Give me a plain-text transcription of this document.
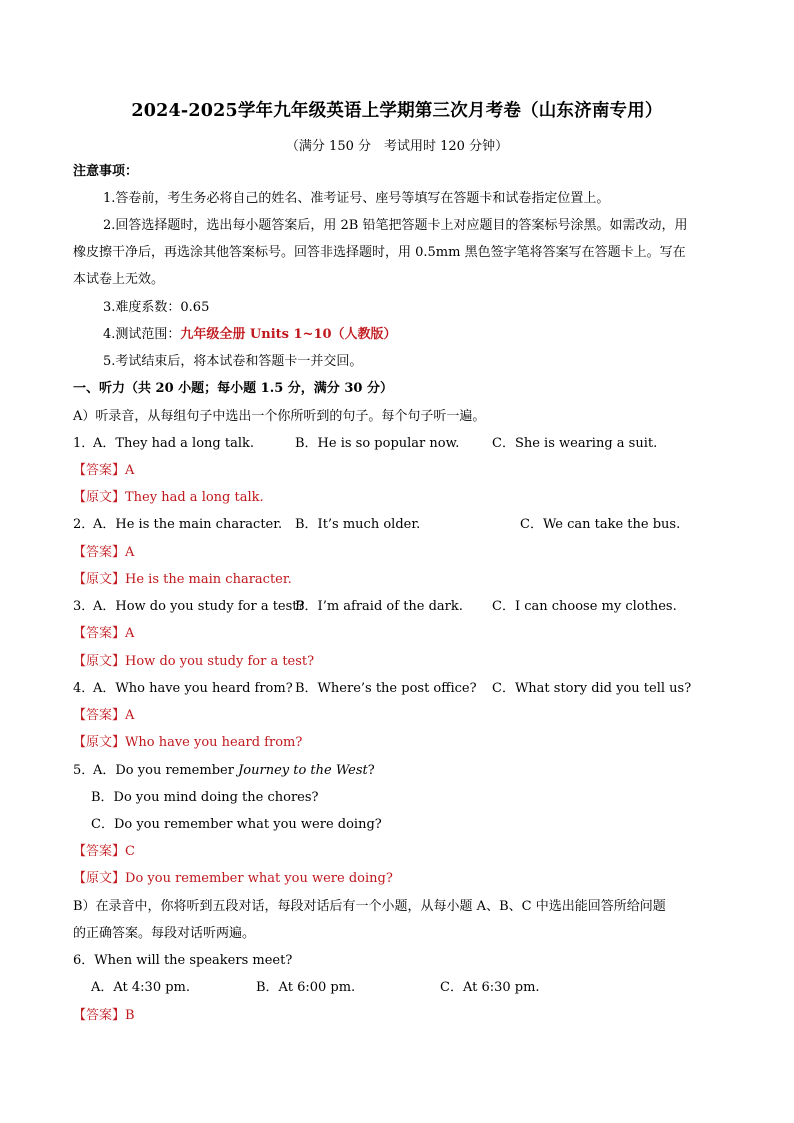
2024-2025学年九年级英语上学期第三次月考卷（山东济南专用）
（满分 150 分　考试用时 120 分钟）
注意事项：
1.答卷前，考生务必将自己的姓名、准考证号、座号等填写在答题卡和试卷指定位置上。
2.回答选择题时，选出每小题答案后，用 2B 铅笔把答题卡上对应题目的答案标号涂黑。如需改动，用
橡皮擦干净后，再选涂其他答案标号。回答非选择题时，用 0.5mm 黑色签字笔将答案写在答题卡上。写在
本试卷上无效。
3.难度系数：0.65
4.测试范围：九年级全册 Units 1~10（人教版）
5.考试结束后，将本试卷和答题卡一并交回。
一、听力（共 20 小题；每小题 1.5 分，满分 30 分）
A）听录音，从每组句子中选出一个你所听到的句子。每个句子听一遍。
1．
A．They had a long talk.	B．He is so popular now.	C．She is wearing a suit.
【答案】A
【原文】They had a long talk.
2．
A．He is the main character. B．It’s much older.	C．We can take the bus.
【答案】A
【原文】He is the main character.
3．
A．How do you study for a test?
B．I’m afraid of the dark. C．I can choose my clothes.
【答案】A
【原文】How do you study for a test?
4．
A．Who have you heard from? B．Where’s the post office? C．What story did you tell us?
【答案】A
【原文】Who have you heard from?
5．
A．Do you remember Journey to the West?
B．Do you mind doing the chores?
C．Do you remember what you were doing?
【答案】C
【原文】Do you remember what you were doing?
B）在录音中，你将听到五段对话，每段对话后有一个小题，从每小题 A、B、C 中选出能回答所给问题
的正确答案。每段对话听两遍。
6．When will the speakers meet?
A．At 4:30 pm.	B．At 6:00 pm.	C．At 6:30 pm.
【答案】B
